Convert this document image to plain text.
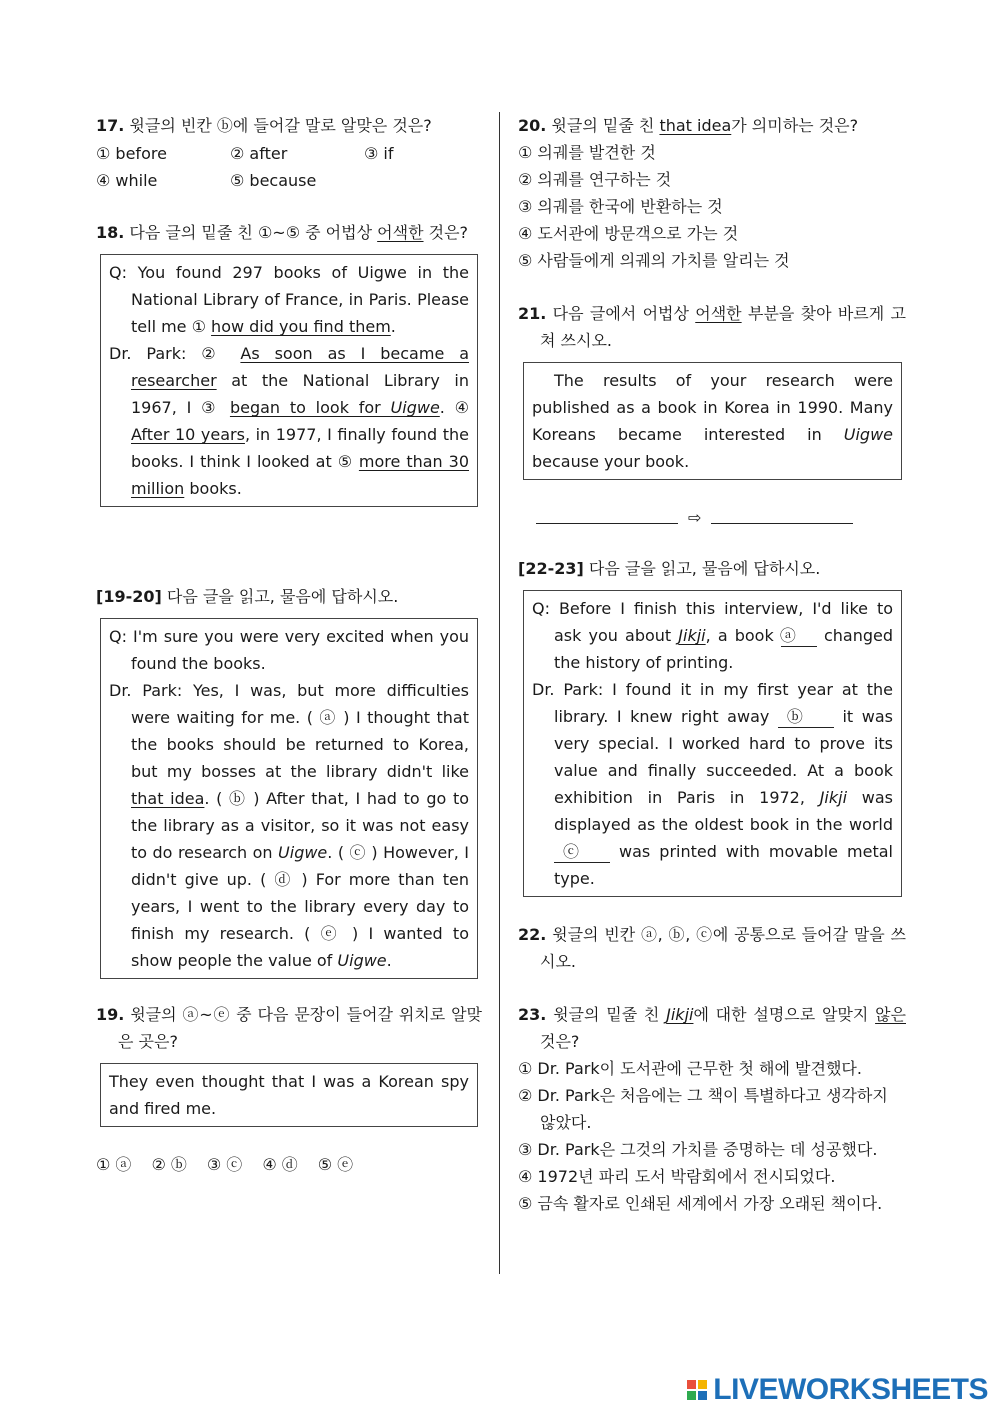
17. 윗글의 빈칸 ⓑ에 들어갈 말로 알맞은 것은?

① before	② after	③ if
④ while	⑤ because

18. 다음 글의 밑줄 친 ①~⑤ 중 어법상 어색한 것은?

Q: You found 297 books of Uigwe in the National Library of France, in Paris. Please tell me ① how did you find them.

Dr. Park: ② As soon as I became a researcher at the National Library in 1967, I ③ began to look for Uigwe. ④ After 10 years, in 1977, I finally found the books. I think I looked at ⑤ more than 30 million books.

[19-20] 다음 글을 읽고, 물음에 답하시오.

Q: I'm sure you were very excited when you found the books.

Dr. Park: Yes, I was, but more difficulties were waiting for me. ( ⓐ ) I thought that the books should be returned to Korea, but my bosses at the library didn't like that idea. ( ⓑ ) After that, I had to go to the library as a visitor, so it was not easy to do research on Uigwe. ( ⓒ ) However, I didn't give up. ( ⓓ ) For more than ten years, I went to the library every day to finish my research. ( ⓔ ) I wanted to show people the value of Uigwe.

19. 윗글의 ⓐ~ⓔ 중 다음 문장이 들어갈 위치로 알맞은 곳은?

They even thought that I was a Korean spy and fired me.
① ⓐ ② ⓑ ③ ⓒ ④ ⓓ ⑤ ⓔ

20. 윗글의 밑줄 친 that idea가 의미하는 것은?

① 의궤를 발견한 것
② 의궤를 연구하는 것
③ 의궤를 한국에 반환하는 것
④ 도서관에 방문객으로 가는 것
⑤ 사람들에게 의궤의 가치를 알리는 것

21. 다음 글에서 어법상 어색한 부분을 찾아 바르게 고쳐 쓰시오.

The results of your research were published as a book in Korea in 1990. Many Koreans became interested in Uigwe because your book.

⇨

[22-23] 다음 글을 읽고, 물음에 답하시오.

Q: Before I finish this interview, I'd like to ask you about Jikji, a book ⓐ changed the history of printing.

Dr. Park: I found it in my first year at the library. I knew right away ⓑ it was very special. I worked hard to prove its value and finally succeeded. At a book exhibition in Paris in 1972, Jikji was displayed as the oldest book in the world ⓒ was printed with movable metal type.

22. 윗글의 빈칸 ⓐ, ⓑ, ⓒ에 공통으로 들어갈 말을 쓰시오.

23. 윗글의 밑줄 친 Jikji에 대한 설명으로 알맞지 않은 것은?

① Dr. Park이 도서관에 근무한 첫 해에 발견했다.
② Dr. Park은 처음에는 그 책이 특별하다고 생각하지 않았다.
③ Dr. Park은 그것의 가치를 증명하는 데 성공했다.
④ 1972년 파리 도서 박람회에서 전시되었다.
⑤ 금속 활자로 인쇄된 세계에서 가장 오래된 책이다.
LIVEWORKSHEETS
